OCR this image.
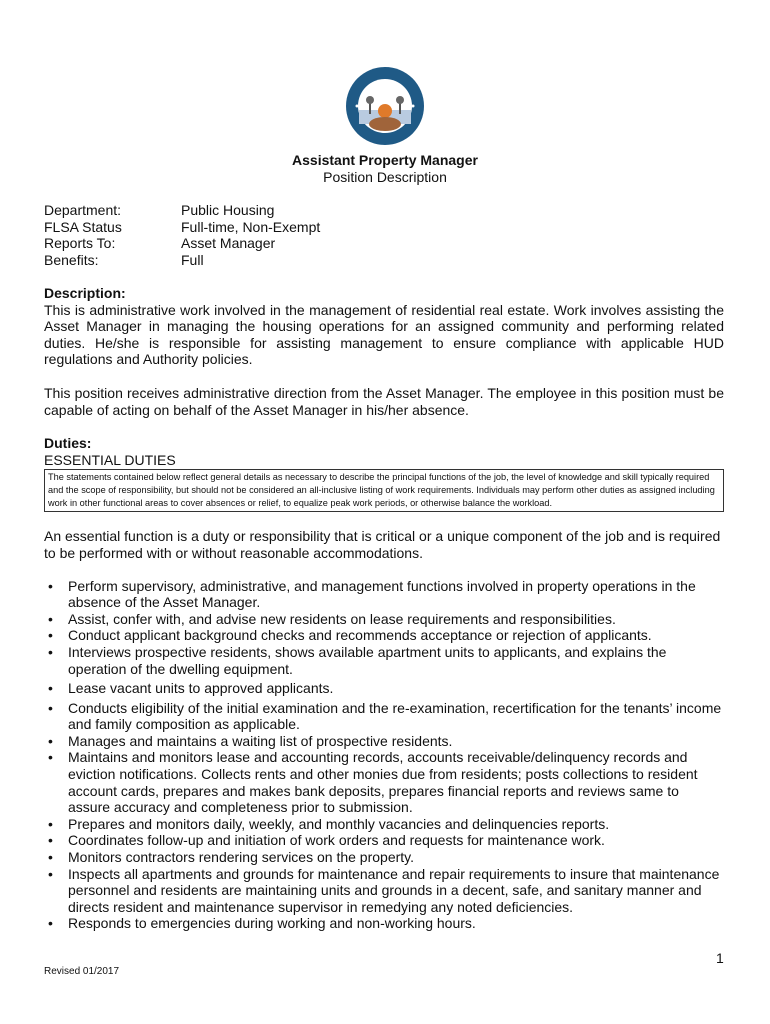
Assistant Property Manager
Position Description
Department:	Public Housing
FLSA Status	Full-time, Non-Exempt
Reports To:	Asset Manager
Benefits:	Full

Description:

This is administrative work involved in the management of residential real estate. Work involves assisting the Asset Manager in managing the housing operations for an assigned community and performing related duties. He/she is responsible for assisting management to ensure compliance with applicable HUD regulations and Authority policies.

This position receives administrative direction from the Asset Manager. The employee in this position must be capable of acting on behalf of the Asset Manager in his/her absence.

Duties:

ESSENTIAL DUTIES

The statements contained below reflect general details as necessary to describe the principal functions of the job, the level of knowledge and skill typically required and the scope of responsibility, but should not be considered an all-inclusive listing of work requirements. Individuals may perform other duties as assigned including work in other functional areas to cover absences or relief, to equalize peak work periods, or otherwise balance the workload.

An essential function is a duty or responsibility that is critical or a unique component of the job and is required to be performed with or without reasonable accommodations.

• Perform supervisory, administrative, and management functions involved in property operations in the absence of the Asset Manager.
• Assist, confer with, and advise new residents on lease requirements and responsibilities.
• Conduct applicant background checks and recommends acceptance or rejection of applicants.
• Interviews prospective residents, shows available apartment units to applicants, and explains the operation of the dwelling equipment.
• Lease vacant units to approved applicants.
• Conducts eligibility of the initial examination and the re-examination, recertification for the tenants’ income and family composition as applicable.
• Manages and maintains a waiting list of prospective residents.
• Maintains and monitors lease and accounting records, accounts receivable/delinquency records and eviction notifications. Collects rents and other monies due from residents; posts collections to resident account cards, prepares and makes bank deposits, prepares financial reports and reviews same to assure accuracy and completeness prior to submission.
• Prepares and monitors daily, weekly, and monthly vacancies and delinquencies reports.
• Coordinates follow-up and initiation of work orders and requests for maintenance work.
• Monitors contractors rendering services on the property.
• Inspects all apartments and grounds for maintenance and repair requirements to insure that maintenance personnel and residents are maintaining units and grounds in a decent, safe, and sanitary manner and directs resident and maintenance supervisor in remedying any noted deficiencies.
• Responds to emergencies during working and non-working hours.
1
Revised 01/2017
